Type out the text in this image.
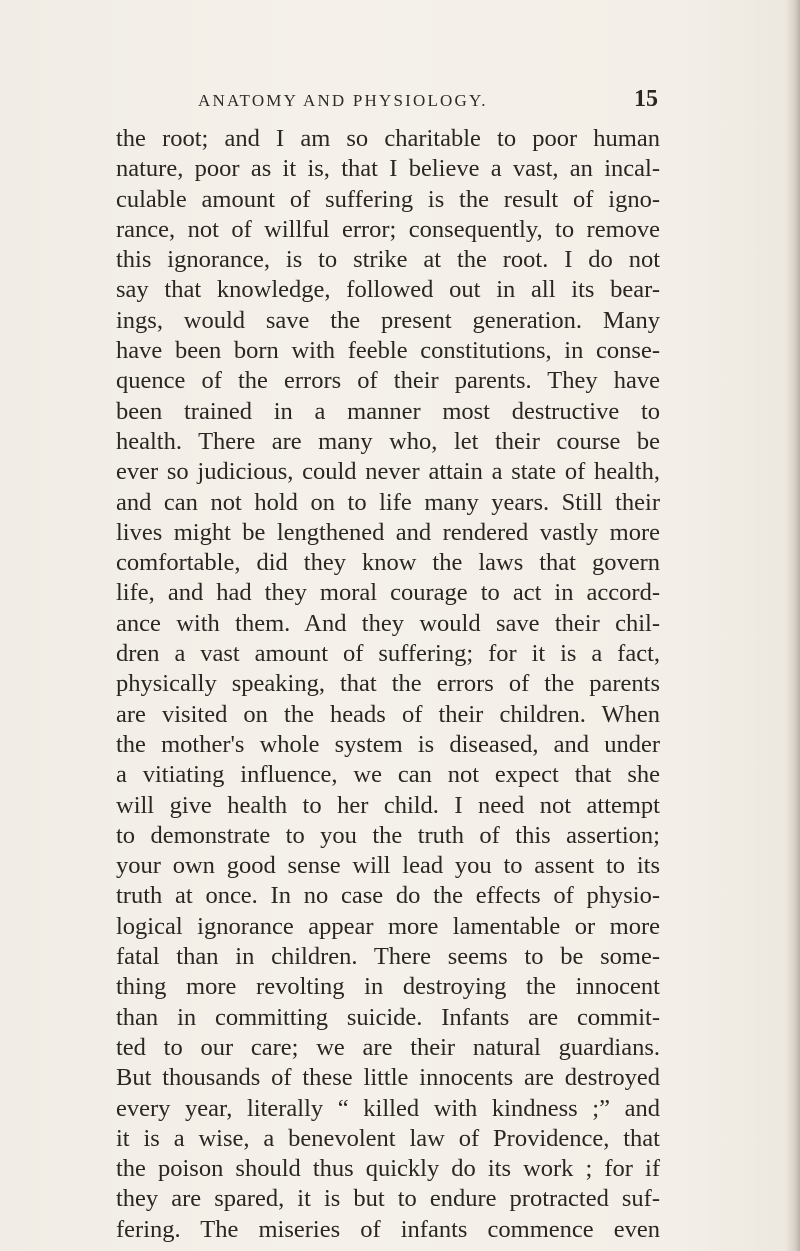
ANATOMY AND PHYSIOLOGY.	15
the root; and I am so charitable to poor human
nature, poor as it is, that I believe a vast, an incal-
culable amount of suffering is the result of igno-
rance, not of willful error; consequently, to remove
this ignorance, is to strike at the root. I do not
say that knowledge, followed out in all its bear-
ings, would save the present generation. Many
have been born with feeble constitutions, in conse-
quence of the errors of their parents. They have
been trained in a manner most destructive to
health. There are many who, let their course be
ever so judicious, could never attain a state of health,
and can not hold on to life many years. Still their
lives might be lengthened and rendered vastly more
comfortable, did they know the laws that govern
life, and had they moral courage to act in accord-
ance with them. And they would save their chil-
dren a vast amount of suffering; for it is a fact,
physically speaking, that the errors of the parents
are visited on the heads of their children. When
the mother's whole system is diseased, and under
a vitiating influence, we can not expect that she
will give health to her child. I need not attempt
to demonstrate to you the truth of this assertion;
your own good sense will lead you to assent to its
truth at once. In no case do the effects of physio-
logical ignorance appear more lamentable or more
fatal than in children. There seems to be some-
thing more revolting in destroying the innocent
than in committing suicide. Infants are commit-
ted to our care; we are their natural guardians.
But thousands of these little innocents are destroyed
every year, literally “ killed with kindness ;” and
it is a wise, a benevolent law of Providence, that
the poison should thus quickly do its work ; for if
they are spared, it is but to endure protracted suf-
fering. The miseries of infants commence even
